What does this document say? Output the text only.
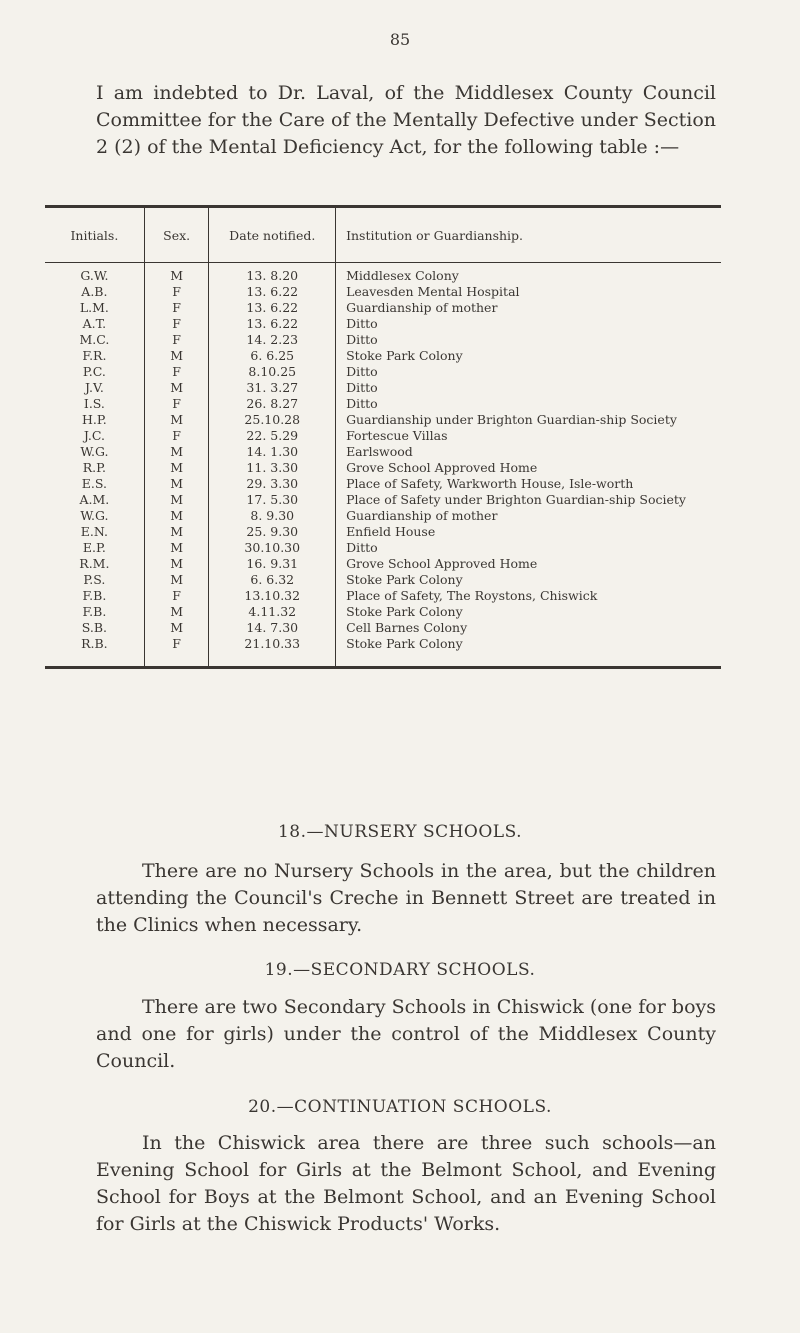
85
I am indebted to Dr. Laval, of the Middlesex County Council Committee for the Care of the Mentally Defective under Section 2 (2) of the Mental Deficiency Act, for the following table :—
Initials.	Sex.	Date notified.	Institution or Guardianship.
G.W.	M	13. 8.20	Middlesex Colony

A.B.	F	13. 6.22	Leavesden Mental Hospital

L.M.	F	13. 6.22	Guardianship of mother

A.T.	F	13. 6.22	Ditto

M.C.	F	14. 2.23	Ditto

F.R.	M	6. 6.25	Stoke Park Colony

P.C.	F	8.10.25	Ditto

J.V.	M	31. 3.27	Ditto

I.S.	F	26. 8.27	Ditto

H.P.	M	25.10.28	Guardianship under Brighton Guardian-ship Society

J.C.	F	22. 5.29	Fortescue Villas

W.G.	M	14. 1.30	Earlswood

R.P.	M	11. 3.30	Grove School Approved Home

E.S.	M	29. 3.30	Place of Safety, Warkworth House, Isle-worth

A.M.	M	17. 5.30	Place of Safety under Brighton Guardian-ship Society

W.G.	M	8. 9.30	Guardianship of mother

E.N.	M	25. 9.30	Enfield House

E.P.	M	30.10.30	Ditto

R.M.	M	16. 9.31	Grove School Approved Home

P.S.	M	6. 6.32	Stoke Park Colony

F.B.	F	13.10.32	Place of Safety, The Roystons, Chiswick

F.B.	M	4.11.32	Stoke Park Colony

S.B.	M	14. 7.30	Cell Barnes Colony

R.B.	F	21.10.33	Stoke Park Colony
18.—NURSERY SCHOOLS.
There are no Nursery Schools in the area, but the children attending the Council's Creche in Bennett Street are treated in the Clinics when necessary.
19.—SECONDARY SCHOOLS.
There are two Secondary Schools in Chiswick (one for boys and one for girls) under the control of the Middlesex County Council.
20.—CONTINUATION SCHOOLS.
In the Chiswick area there are three such schools—an Evening School for Girls at the Belmont School, and Evening School for Boys at the Belmont School, and an Evening School for Girls at the Chiswick Products' Works.
